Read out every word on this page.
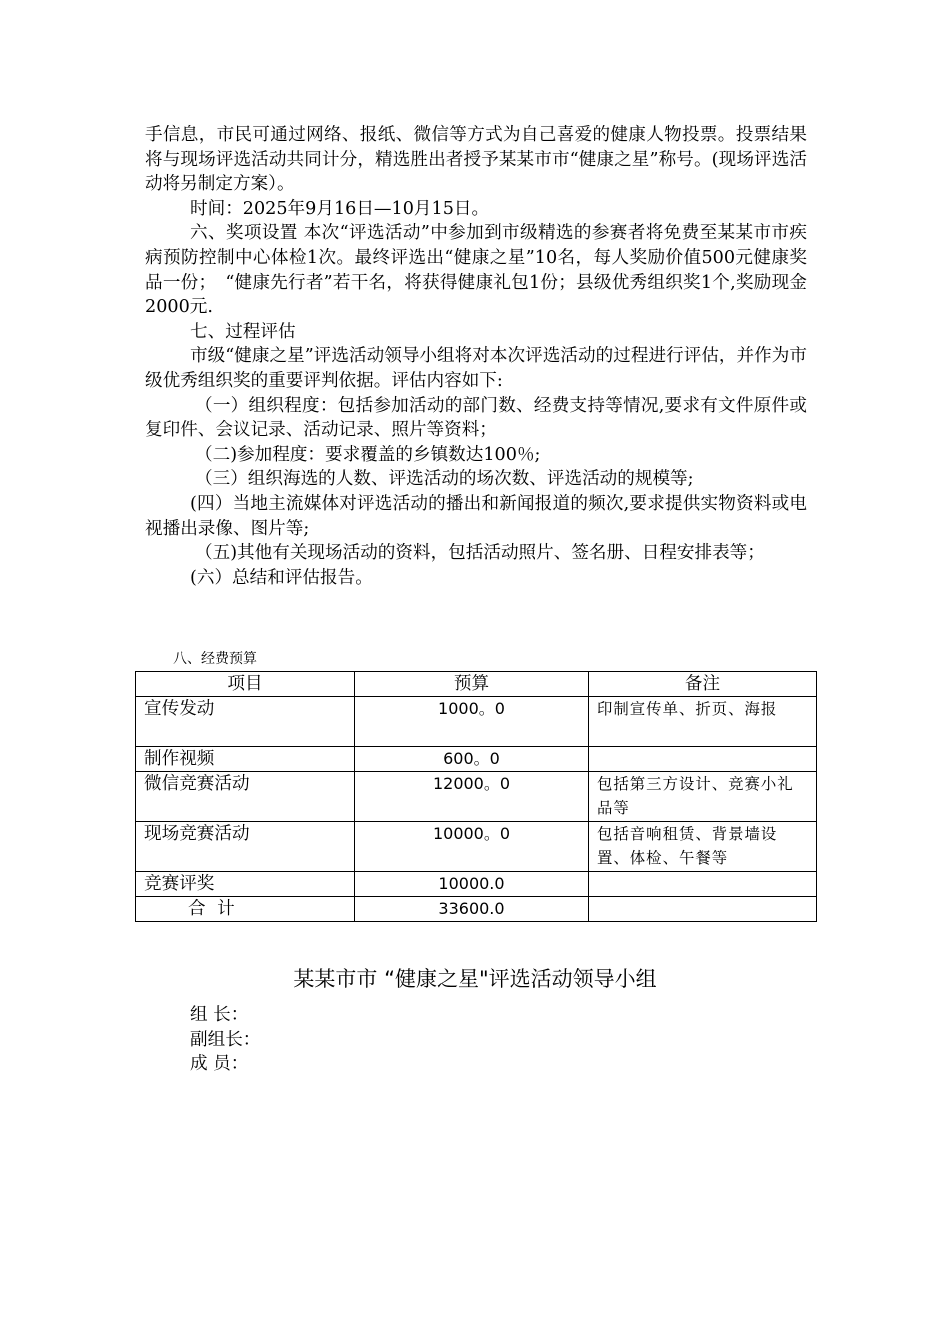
手信息，市民可通过网络、报纸、微信等方式为自己喜爱的健康人物投票。投票结果将与现场评选活动共同计分，精选胜出者授予某某市市“健康之星”称号。(现场评选活动将另制定方案）。

时间：2025年9月16日—10月15日。

六、奖项设置 本次“评选活动”中参加到市级精选的参赛者将免费至某某市市疾病预防控制中心体检1次。最终评选出“健康之星”10名，每人奖励价值500元健康奖品一份；　“健康先行者”若干名，将获得健康礼包1份；县级优秀组织奖1个,奖励现金2000元.

七、过程评估

市级“健康之星”评选活动领导小组将对本次评选活动的过程进行评估，并作为市级优秀组织奖的重要评判依据。评估内容如下:

（一）组织程度：包括参加活动的部门数、经费支持等情况,要求有文件原件或复印件、会议记录、活动记录、照片等资料；

（二)参加程度：要求覆盖的乡镇数达100％;

（三）组织海选的人数、评选活动的场次数、评选活动的规模等;

(四）当地主流媒体对评选活动的播出和新闻报道的频次,要求提供实物资料或电视播出录像、图片等;

（五)其他有关现场活动的资料，包括活动照片、签名册、日程安排表等；

(六）总结和评估报告。

八、经费预算
项目	预算	备注
宣传发动	1000。0	印制宣传单、折页、海报
制作视频	600。0	
微信竞赛活动	12000。0	包括第三方设计、竞赛小礼品等
现场竞赛活动	10000。0	包括音响租赁、背景墙设置、体检、午餐等
竞赛评奖	10000.0	
合 计	33600.0	
某某市市 “健康之星"评选活动领导小组
组 长：
副组长：
成 员：
